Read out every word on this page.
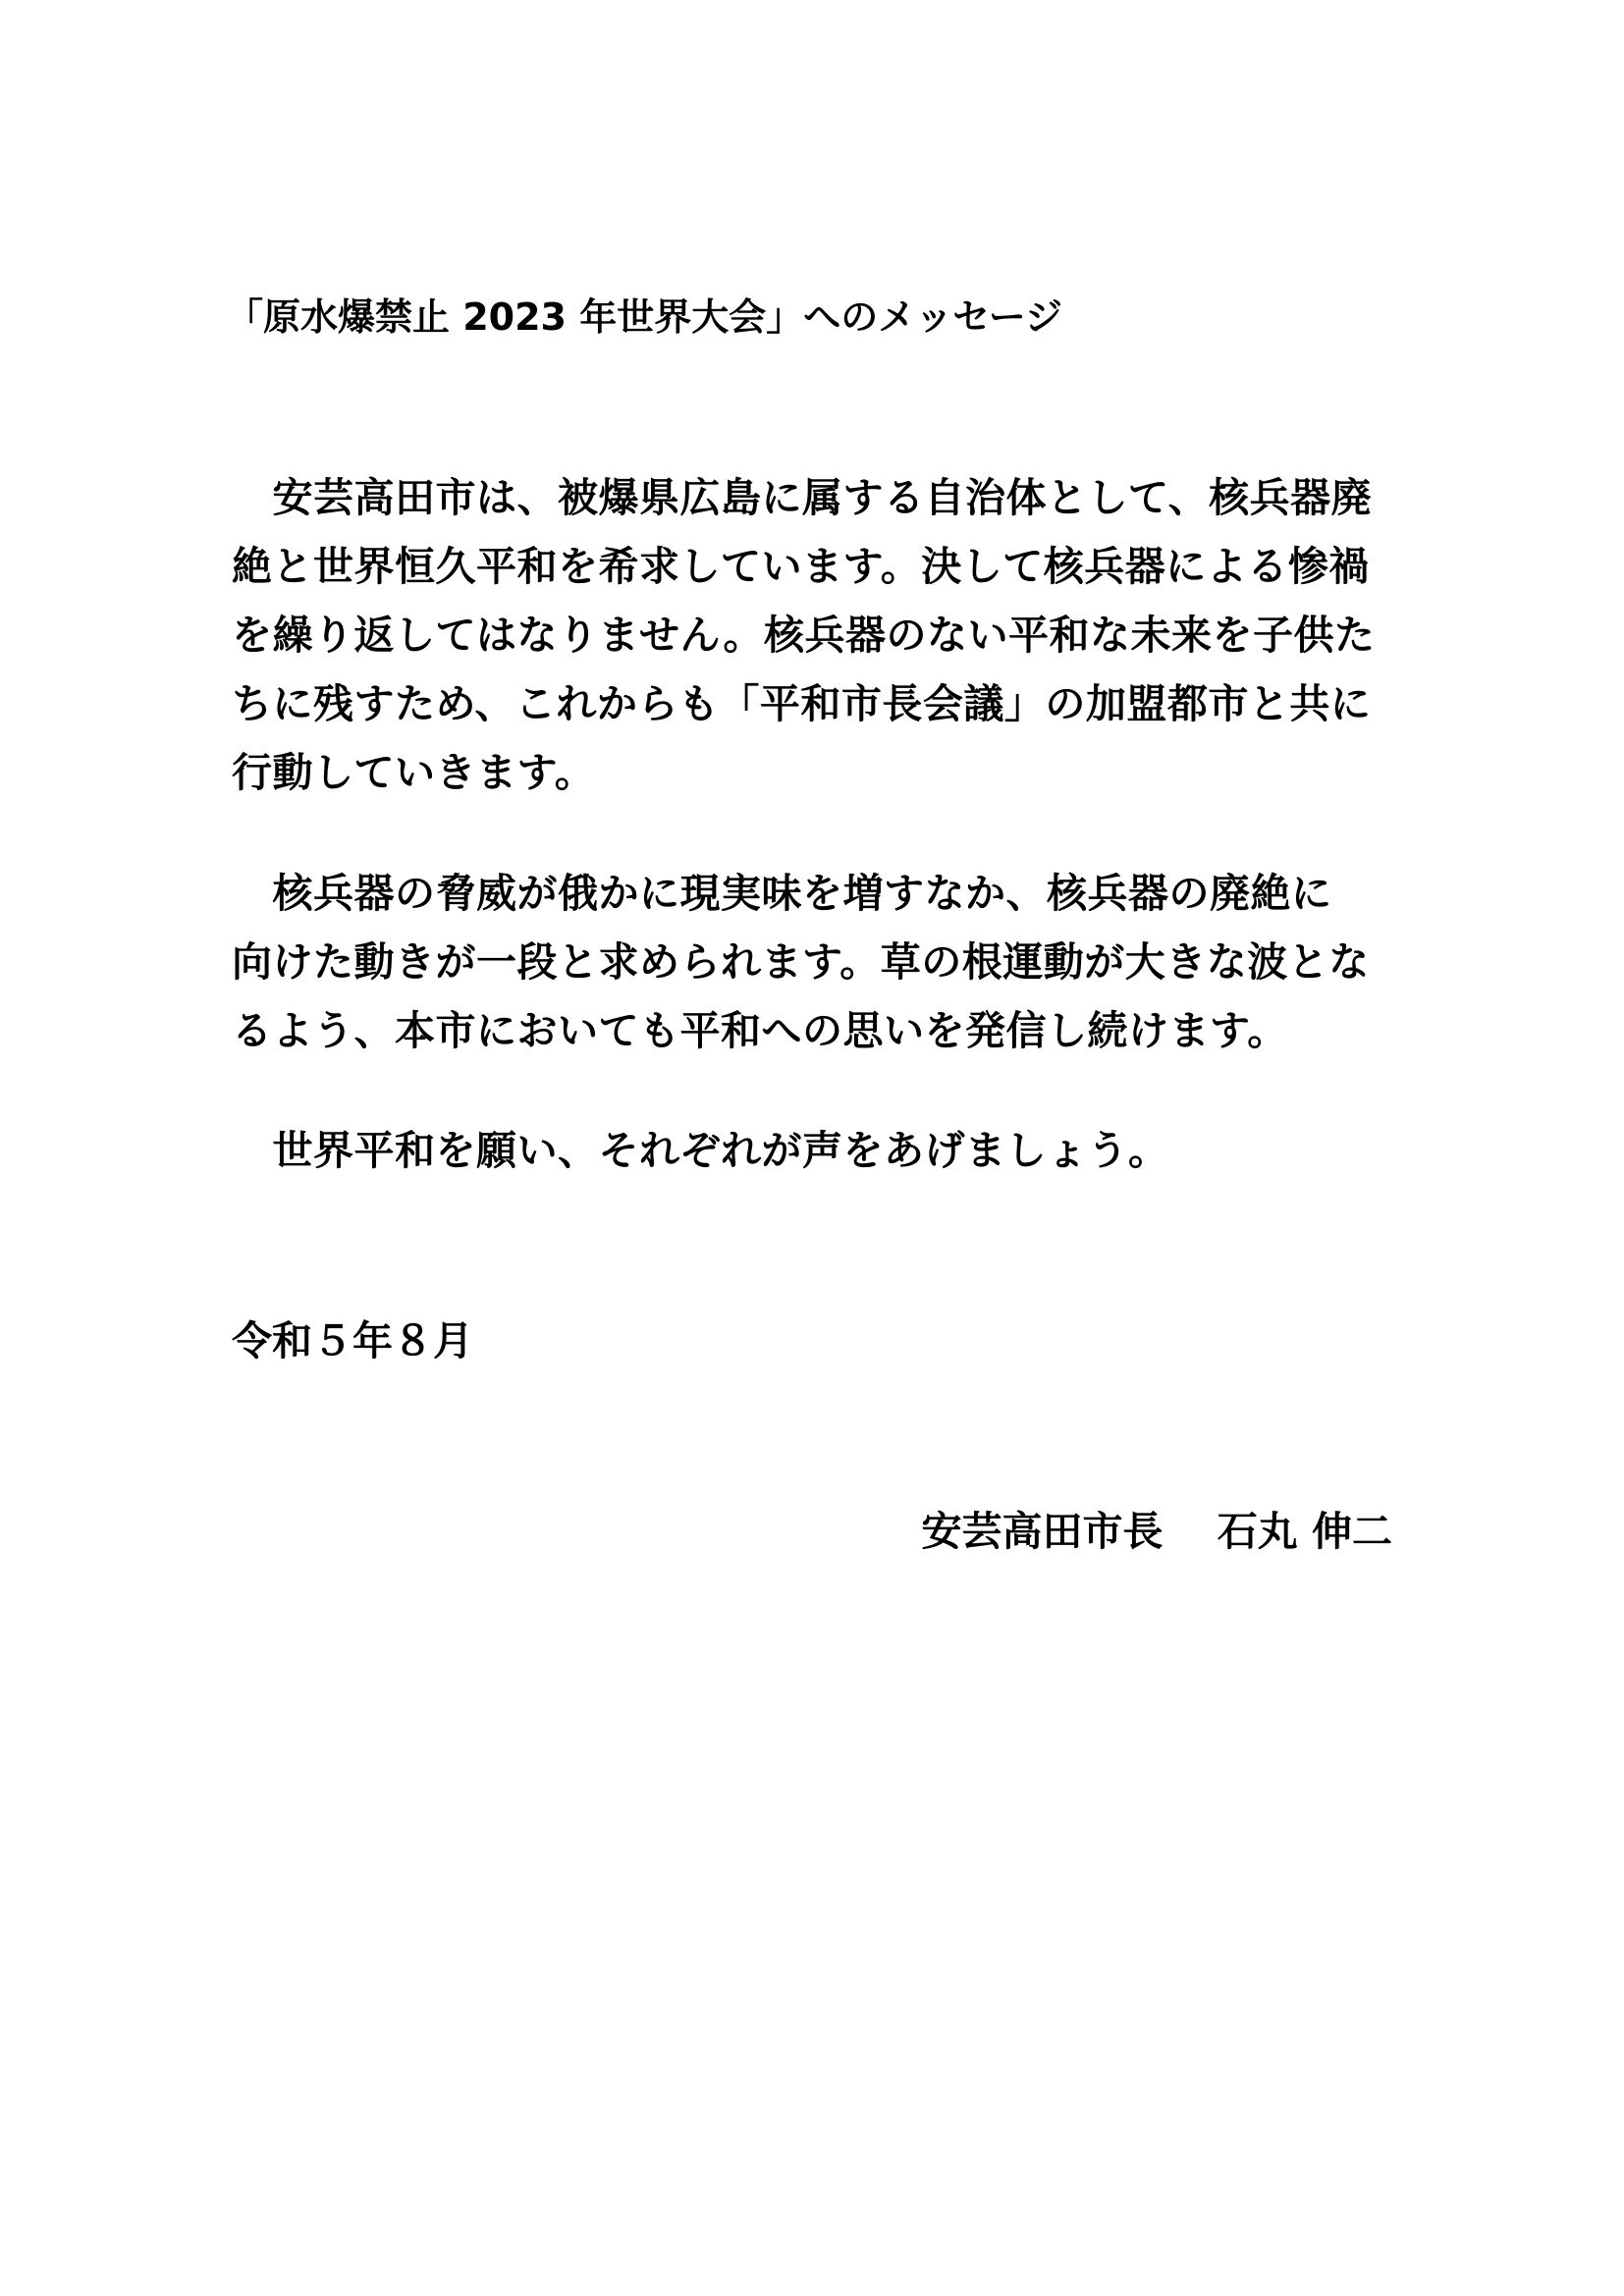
「原水爆禁止 2023 年世界大会」へのメッセージ
　安芸高田市は、被爆県広島に属する自治体として、核兵器廃
絶と世界恒久平和を希求しています。決して核兵器による惨禍
を繰り返してはなりません。核兵器のない平和な未来を子供た
ちに残すため、これからも「平和市長会議」の加盟都市と共に
行動していきます。
　核兵器の脅威が俄かに現実味を増すなか、核兵器の廃絶に
向けた動きが一段と求められます。草の根運動が大きな波とな
るよう、本市においても平和への思いを発信し続けます。
　世界平和を願い、それぞれが声をあげましょう。
令和５年８月
安芸高田市長　 石丸 伸二
